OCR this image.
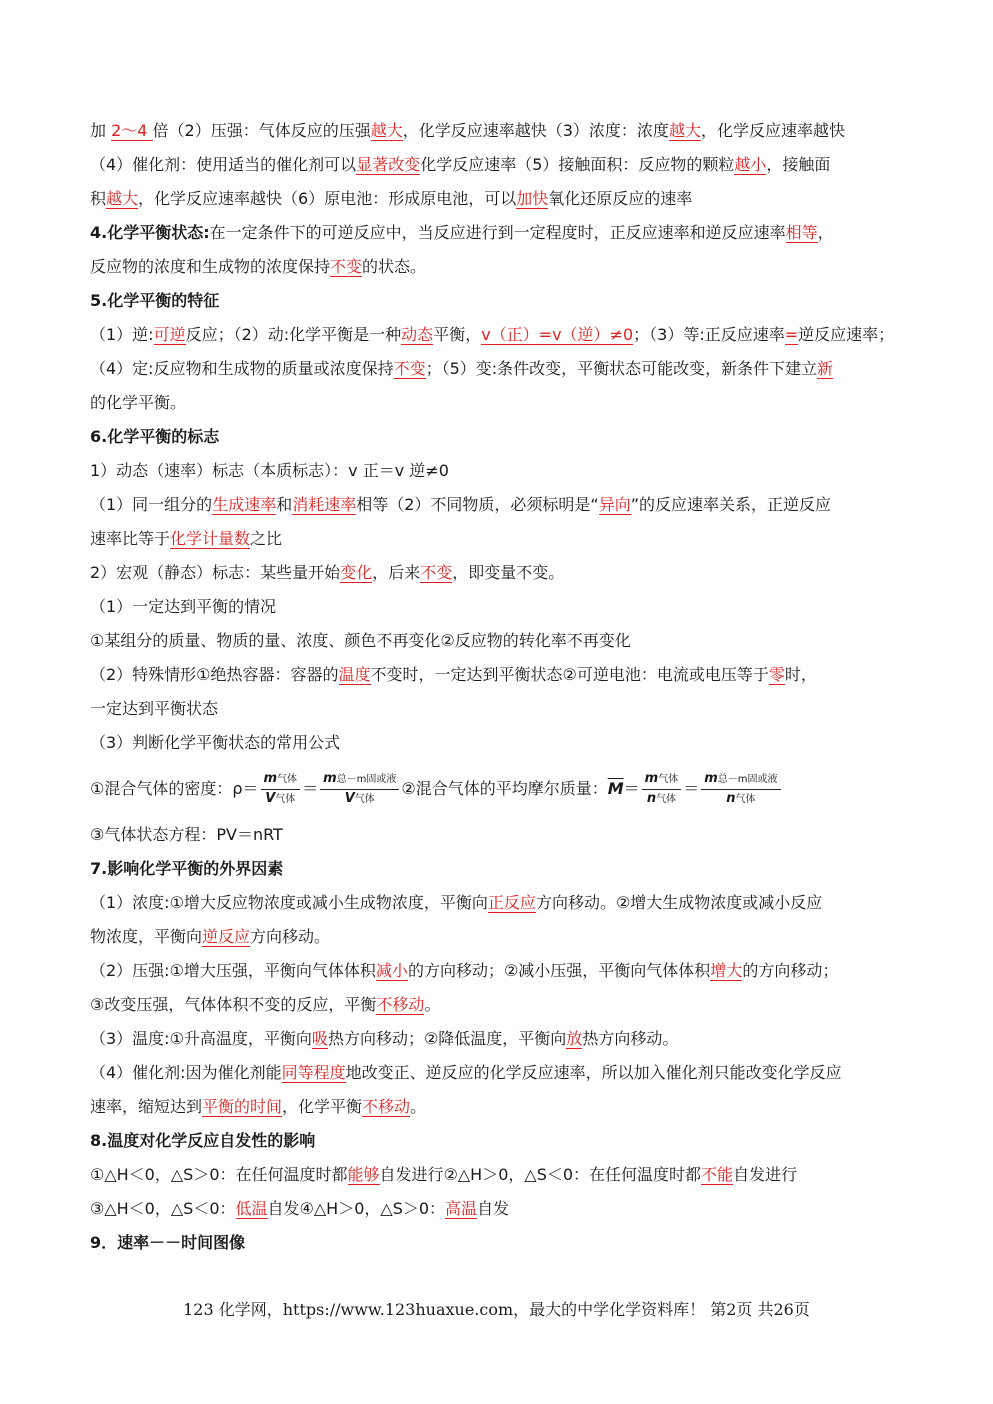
加 2～4 倍（2）压强：气体反应的压强越大，化学反应速率越快（3）浓度：浓度越大，化学反应速率越快
（4）催化剂：使用适当的催化剂可以显著改变化学反应速率（5）接触面积：反应物的颗粒越小，接触面
积越大，化学反应速率越快（6）原电池：形成原电池，可以加快氧化还原反应的速率
4.化学平衡状态:在一定条件下的可逆反应中，当反应进行到一定程度时，正反应速率和逆反应速率相等，
反应物的浓度和生成物的浓度保持不变的状态。
5.化学平衡的特征
（1）逆:可逆反应；（2）动:化学平衡是一种动态平衡，v（正）=v（逆）≠0；（3）等:正反应速率=逆反应速率；
（4）定:反应物和生成物的质量或浓度保持不变；（5）变:条件改变，平衡状态可能改变，新条件下建立新
的化学平衡。
6.化学平衡的标志
1）动态（速率）标志（本质标志）：v 正＝v 逆≠0
（1）同一组分的生成速率和消耗速率相等（2）不同物质，必须标明是“异向”的反应速率关系，正逆反应
速率比等于化学计量数之比
2）宏观（静态）标志：某些量开始变化，后来不变，即变量不变。
（1）一定达到平衡的情况
①某组分的质量、物质的量、浓度、颜色不再变化②反应物的转化率不再变化
（2）特殊情形①绝热容器：容器的温度不变时，一定达到平衡状态②可逆电池：电流或电压等于零时，
一定达到平衡状态
（3）判断化学平衡状态的常用公式
①混合气体的密度：$\rho= \frac{\text{m气体}}{\text{V气体}} = \frac{\text{m总－m固或液}}{\text{V气体}}$ ②混合气体的平均摩尔质量：$\overline{M}= \frac{\text{m气体}}{\text{n气体}} = \frac{\text{m总－m固或液}}{\text{n气体}}$
③气体状态方程：PV＝nRT
7.影响化学平衡的外界因素
（1）浓度:①增大反应物浓度或减小生成物浓度，平衡向正反应方向移动。②增大生成物浓度或减小反应
物浓度，平衡向逆反应方向移动。
（2）压强:①增大压强，平衡向气体体积减小的方向移动；②减小压强，平衡向气体体积增大的方向移动；
③改变压强，气体体积不变的反应，平衡不移动。
（3）温度:①升高温度，平衡向吸热方向移动；②降低温度，平衡向放热方向移动。
（4）催化剂:因为催化剂能同等程度地改变正、逆反应的化学反应速率，所以加入催化剂只能改变化学反应
速率，缩短达到平衡的时间，化学平衡不移动。
8.温度对化学反应自发性的影响
①△H＜0，△S＞0：在任何温度时都能够自发进行②△H＞0，△S＜0：在任何温度时都不能自发进行
③△H＜0，△S＜0：低温自发④△H＞0，△S＞0：高温自发
9．速率－－时间图像
123 化学网，https://www.123huaxue.com，最大的中学化学资料库！ 第2页 共26页
